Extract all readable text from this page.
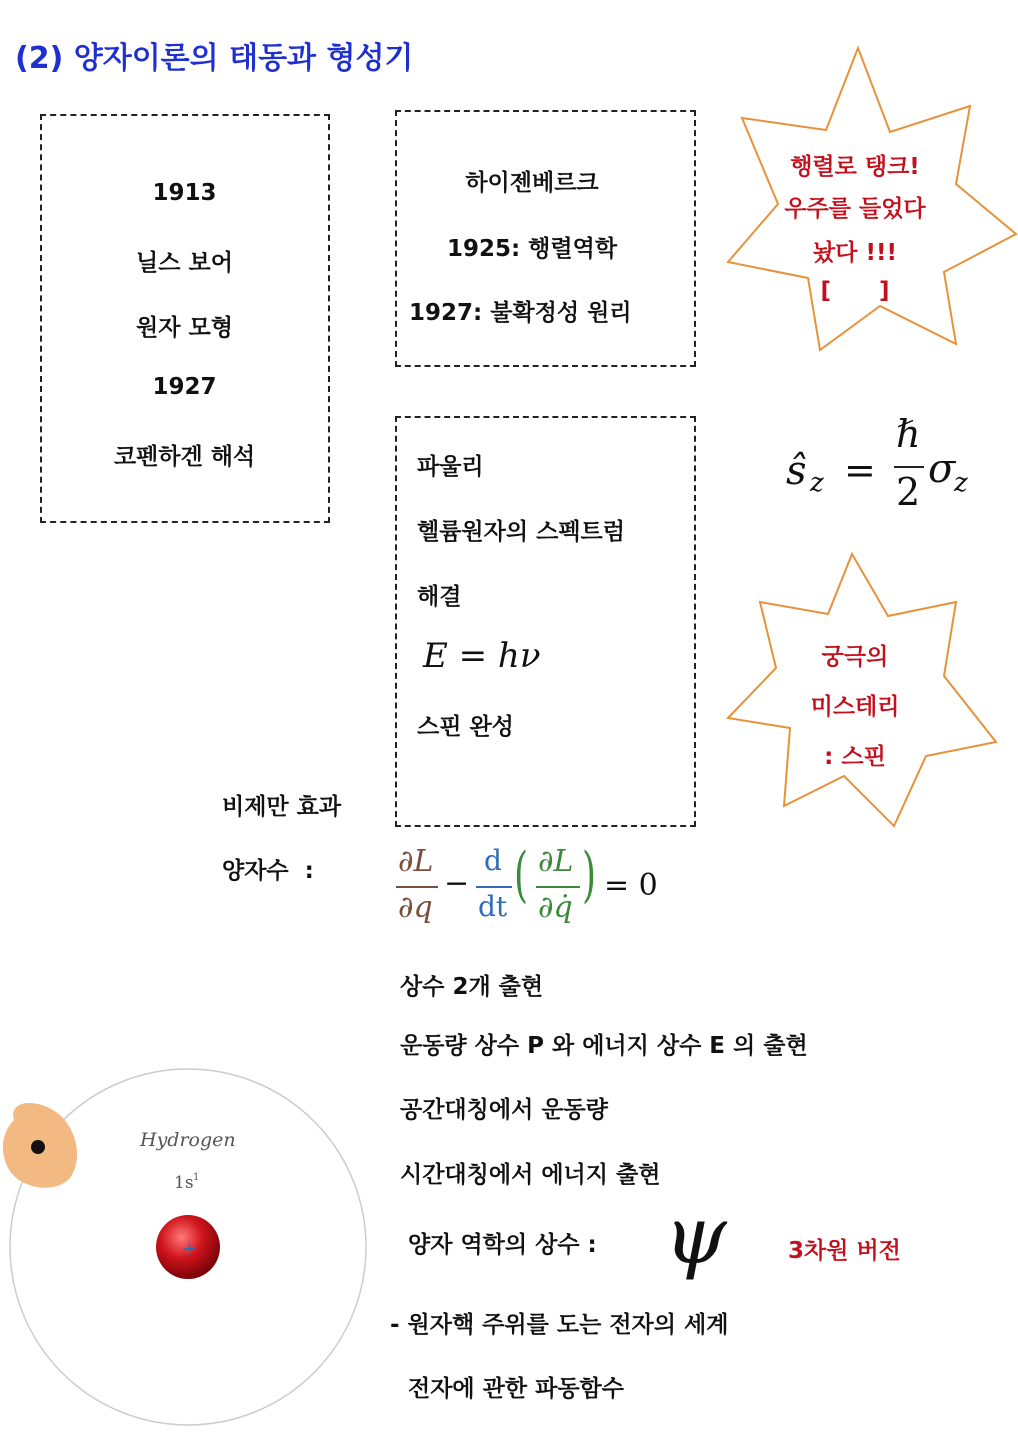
(2) 양자이론의 태동과 형성기
1913
닐스 보어
원자 모형
1927
코펜하겐 해석
하이젠베르크
1925: 행렬역학
1927: 불확정성 원리
파울리
헬륨원자의 스펙트럼
해결
E = hν
스핀 완성
행렬로 탱크!
우주를 들었다
놨다 !!!
[      ]
ŝ z =
ℏ
2 σ
z
궁극의
미스테리
: 스핀
비제만 효과
양자수  :	∂L
∂q
−
d
dt ( ∂L
∂q̇ ) = 0
상수 2개 출현
운동량 상수 P 와 에너지 상수 E 의 출현
공간대칭에서 운동량
시간대칭에서 에너지 출현
양자 역학의 상수 : ψ	3차원 버전
- 원자핵 주위를 도는 전자의 세계
전자에 관한 파동함수
Hydrogen
1s 1
+
